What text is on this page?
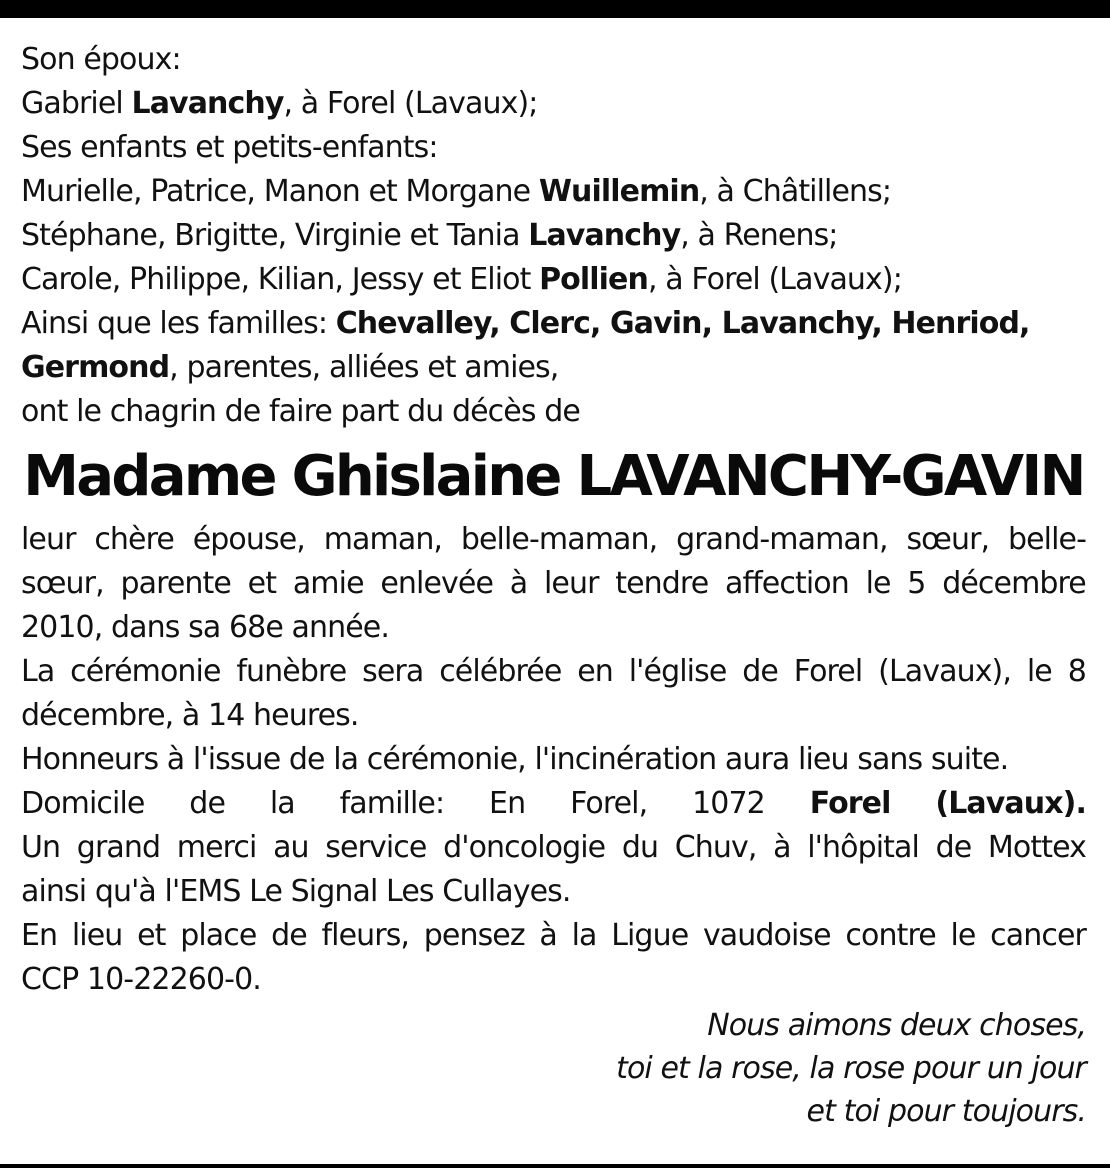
Son époux:
Gabriel Lavanchy, à Forel (Lavaux);
Ses enfants et petits-enfants:
Murielle, Patrice, Manon et Morgane Wuillemin, à Châtillens;
Stéphane, Brigitte, Virginie et Tania Lavanchy, à Renens;
Carole, Philippe, Kilian, Jessy et Eliot Pollien, à Forel (Lavaux);
Ainsi que les familles: Chevalley, Clerc, Gavin, Lavanchy, Henriod,
Germond, parentes, alliées et amies,
ont le chagrin de faire part du décès de
Madame Ghislaine LAVANCHY-GAVIN
leur chère épouse, maman, belle-maman, grand-maman, sœur, belle-
sœur, parente et amie enlevée à leur tendre affection le 5 décembre
2010, dans sa 68e année.
La cérémonie funèbre sera célébrée en l'église de Forel (Lavaux), le 8
décembre, à 14 heures.
Honneurs à l'issue de la cérémonie, l'incinération aura lieu sans suite.
Domicile de la famille: En Forel, 1072 Forel (Lavaux).
Un grand merci au service d'oncologie du Chuv, à l'hôpital de Mottex
ainsi qu'à l'EMS Le Signal Les Cullayes.
En lieu et place de fleurs, pensez à la Ligue vaudoise contre le cancer
CCP 10-22260-0.
Nous aimons deux choses,
toi et la rose, la rose pour un jour
et toi pour toujours.
